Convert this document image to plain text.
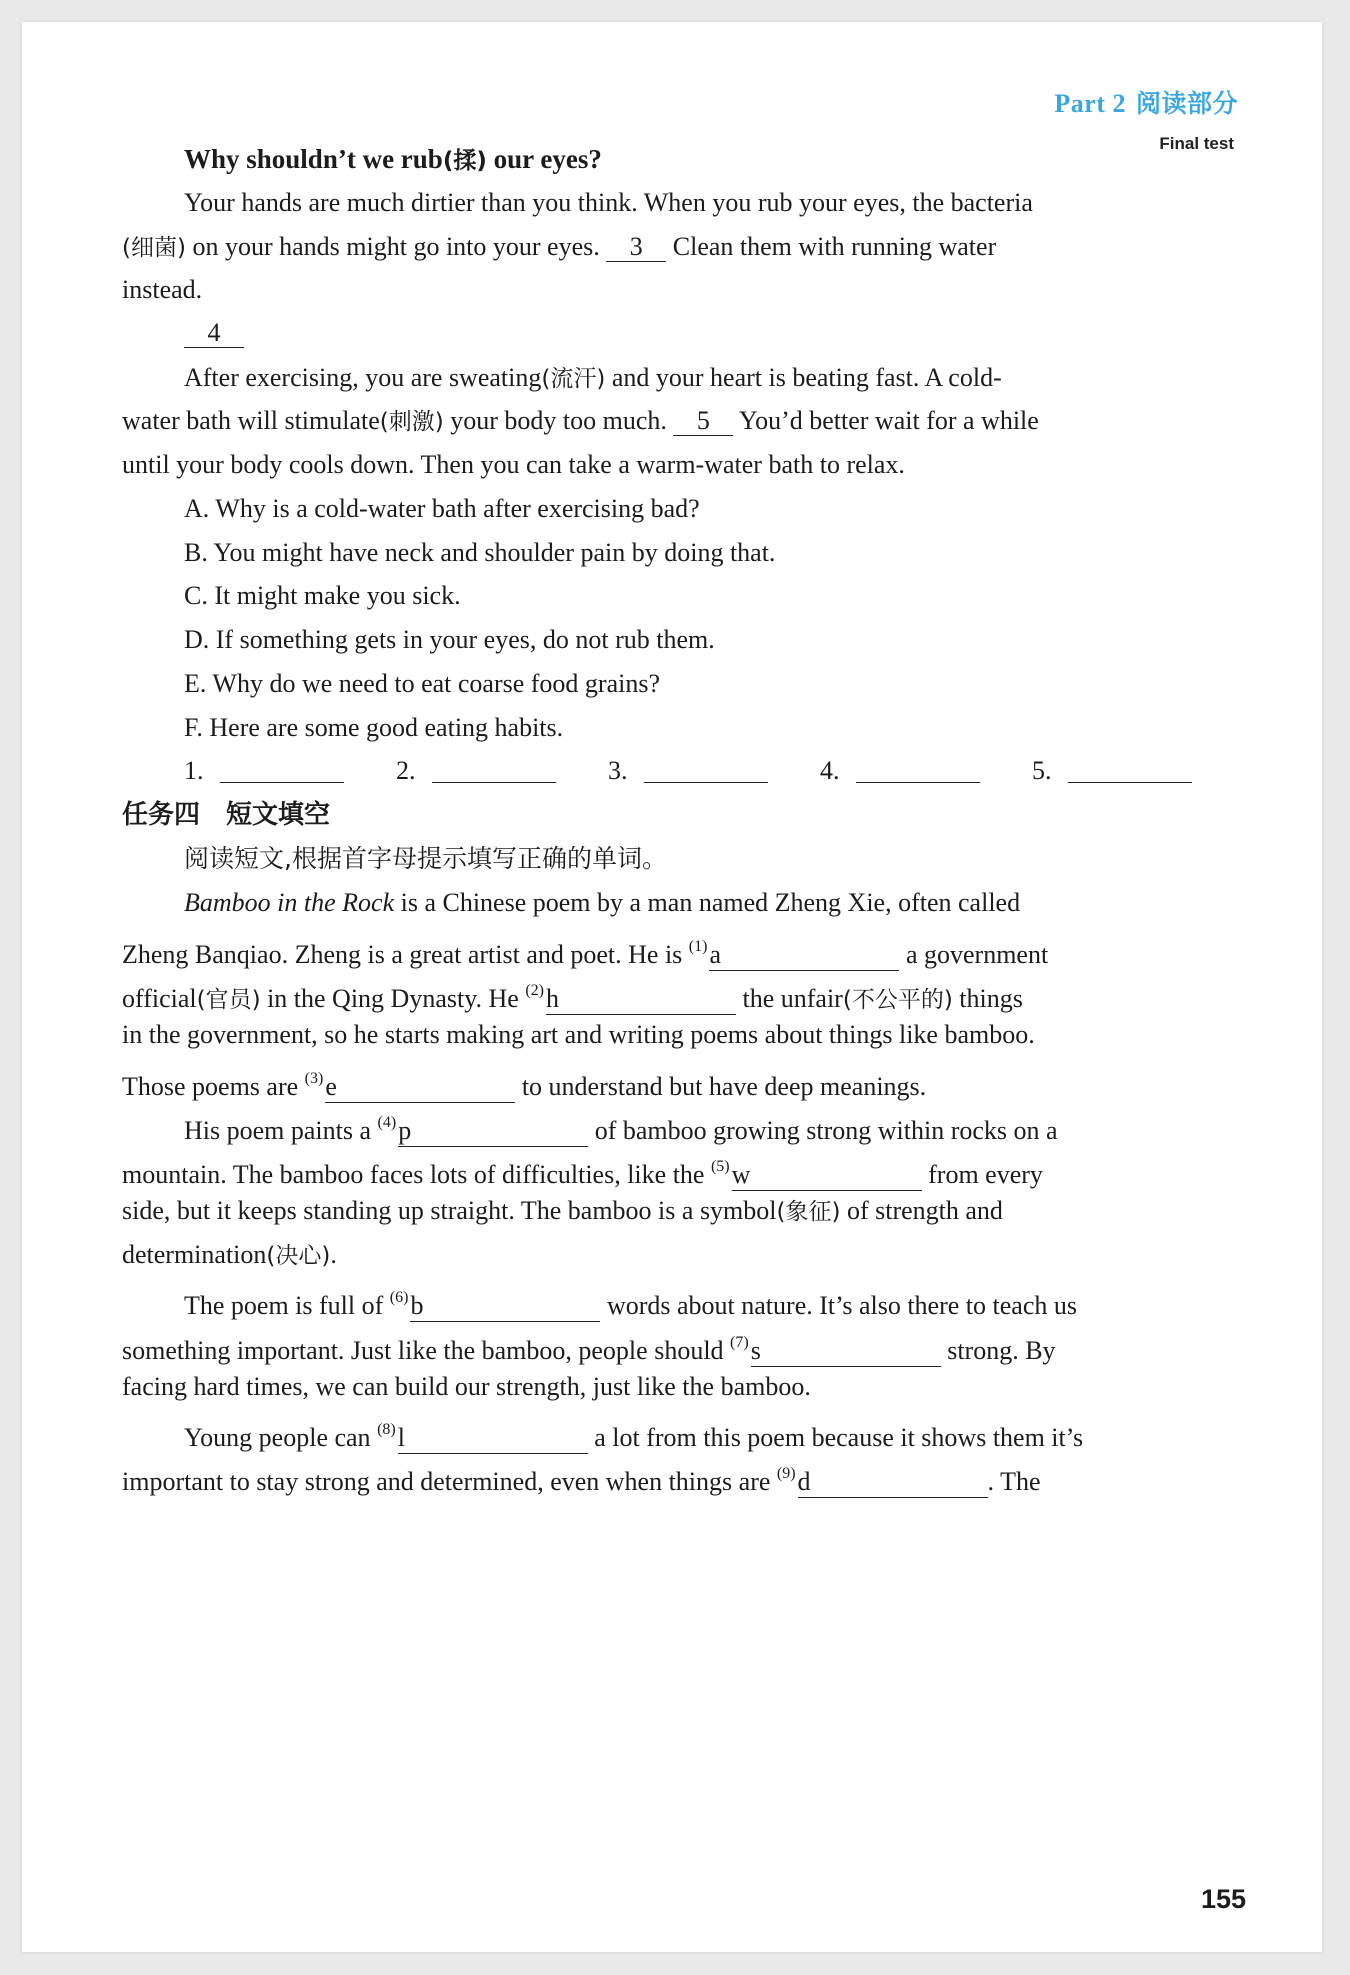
Part 2 阅读部分
Final test
Why shouldn’t we rub(揉) our eyes?
Your hands are much dirtier than you think. When you rub your eyes, the bacteria
(细菌) on your hands might go into your eyes. 3 Clean them with running water
instead.
4
After exercising, you are sweating(流汗) and your heart is beating fast. A cold-
water bath will stimulate(刺激) your body too much. 5 You’d better wait for a while
until your body cools down. Then you can take a warm-water bath to relax.
A. Why is a cold-water bath after exercising bad?
B. You might have neck and shoulder pain by doing that.
C. It might make you sick.
D. If something gets in your eyes, do not rub them.
E. Why do we need to eat coarse food grains?
F. Here are some good eating habits.
1.	2.	3.	4.	5.
任务四　短文填空
阅读短文,根据首字母提示填写正确的单词。
Bamboo in the Rock is a Chinese poem by a man named Zheng Xie, often called
Zheng Banqiao. Zheng is a great artist and poet. He is $^{(1)}$a	a government
official(官员) in the Qing Dynasty. He $^{(2)}$h	the unfair(不公平的) things
in the government, so he starts making art and writing poems about things like bamboo.
Those poems are $^{(3)}$e	to understand but have deep meanings.
His poem paints a $^{(4)}$p	of bamboo growing strong within rocks on a
mountain. The bamboo faces lots of difficulties, like the $^{(5)}$w	from every
side, but it keeps standing up straight. The bamboo is a symbol(象征) of strength and
determination(决心).
The poem is full of $^{(6)}$b	words about nature. It’s also there to teach us
something important. Just like the bamboo, people should $^{(7)}$s	strong. By
facing hard times, we can build our strength, just like the bamboo.
Young people can $^{(8)}$l	a lot from this poem because it shows them it’s
important to stay strong and determined, even when things are $^{(9)}$d	. The
155
